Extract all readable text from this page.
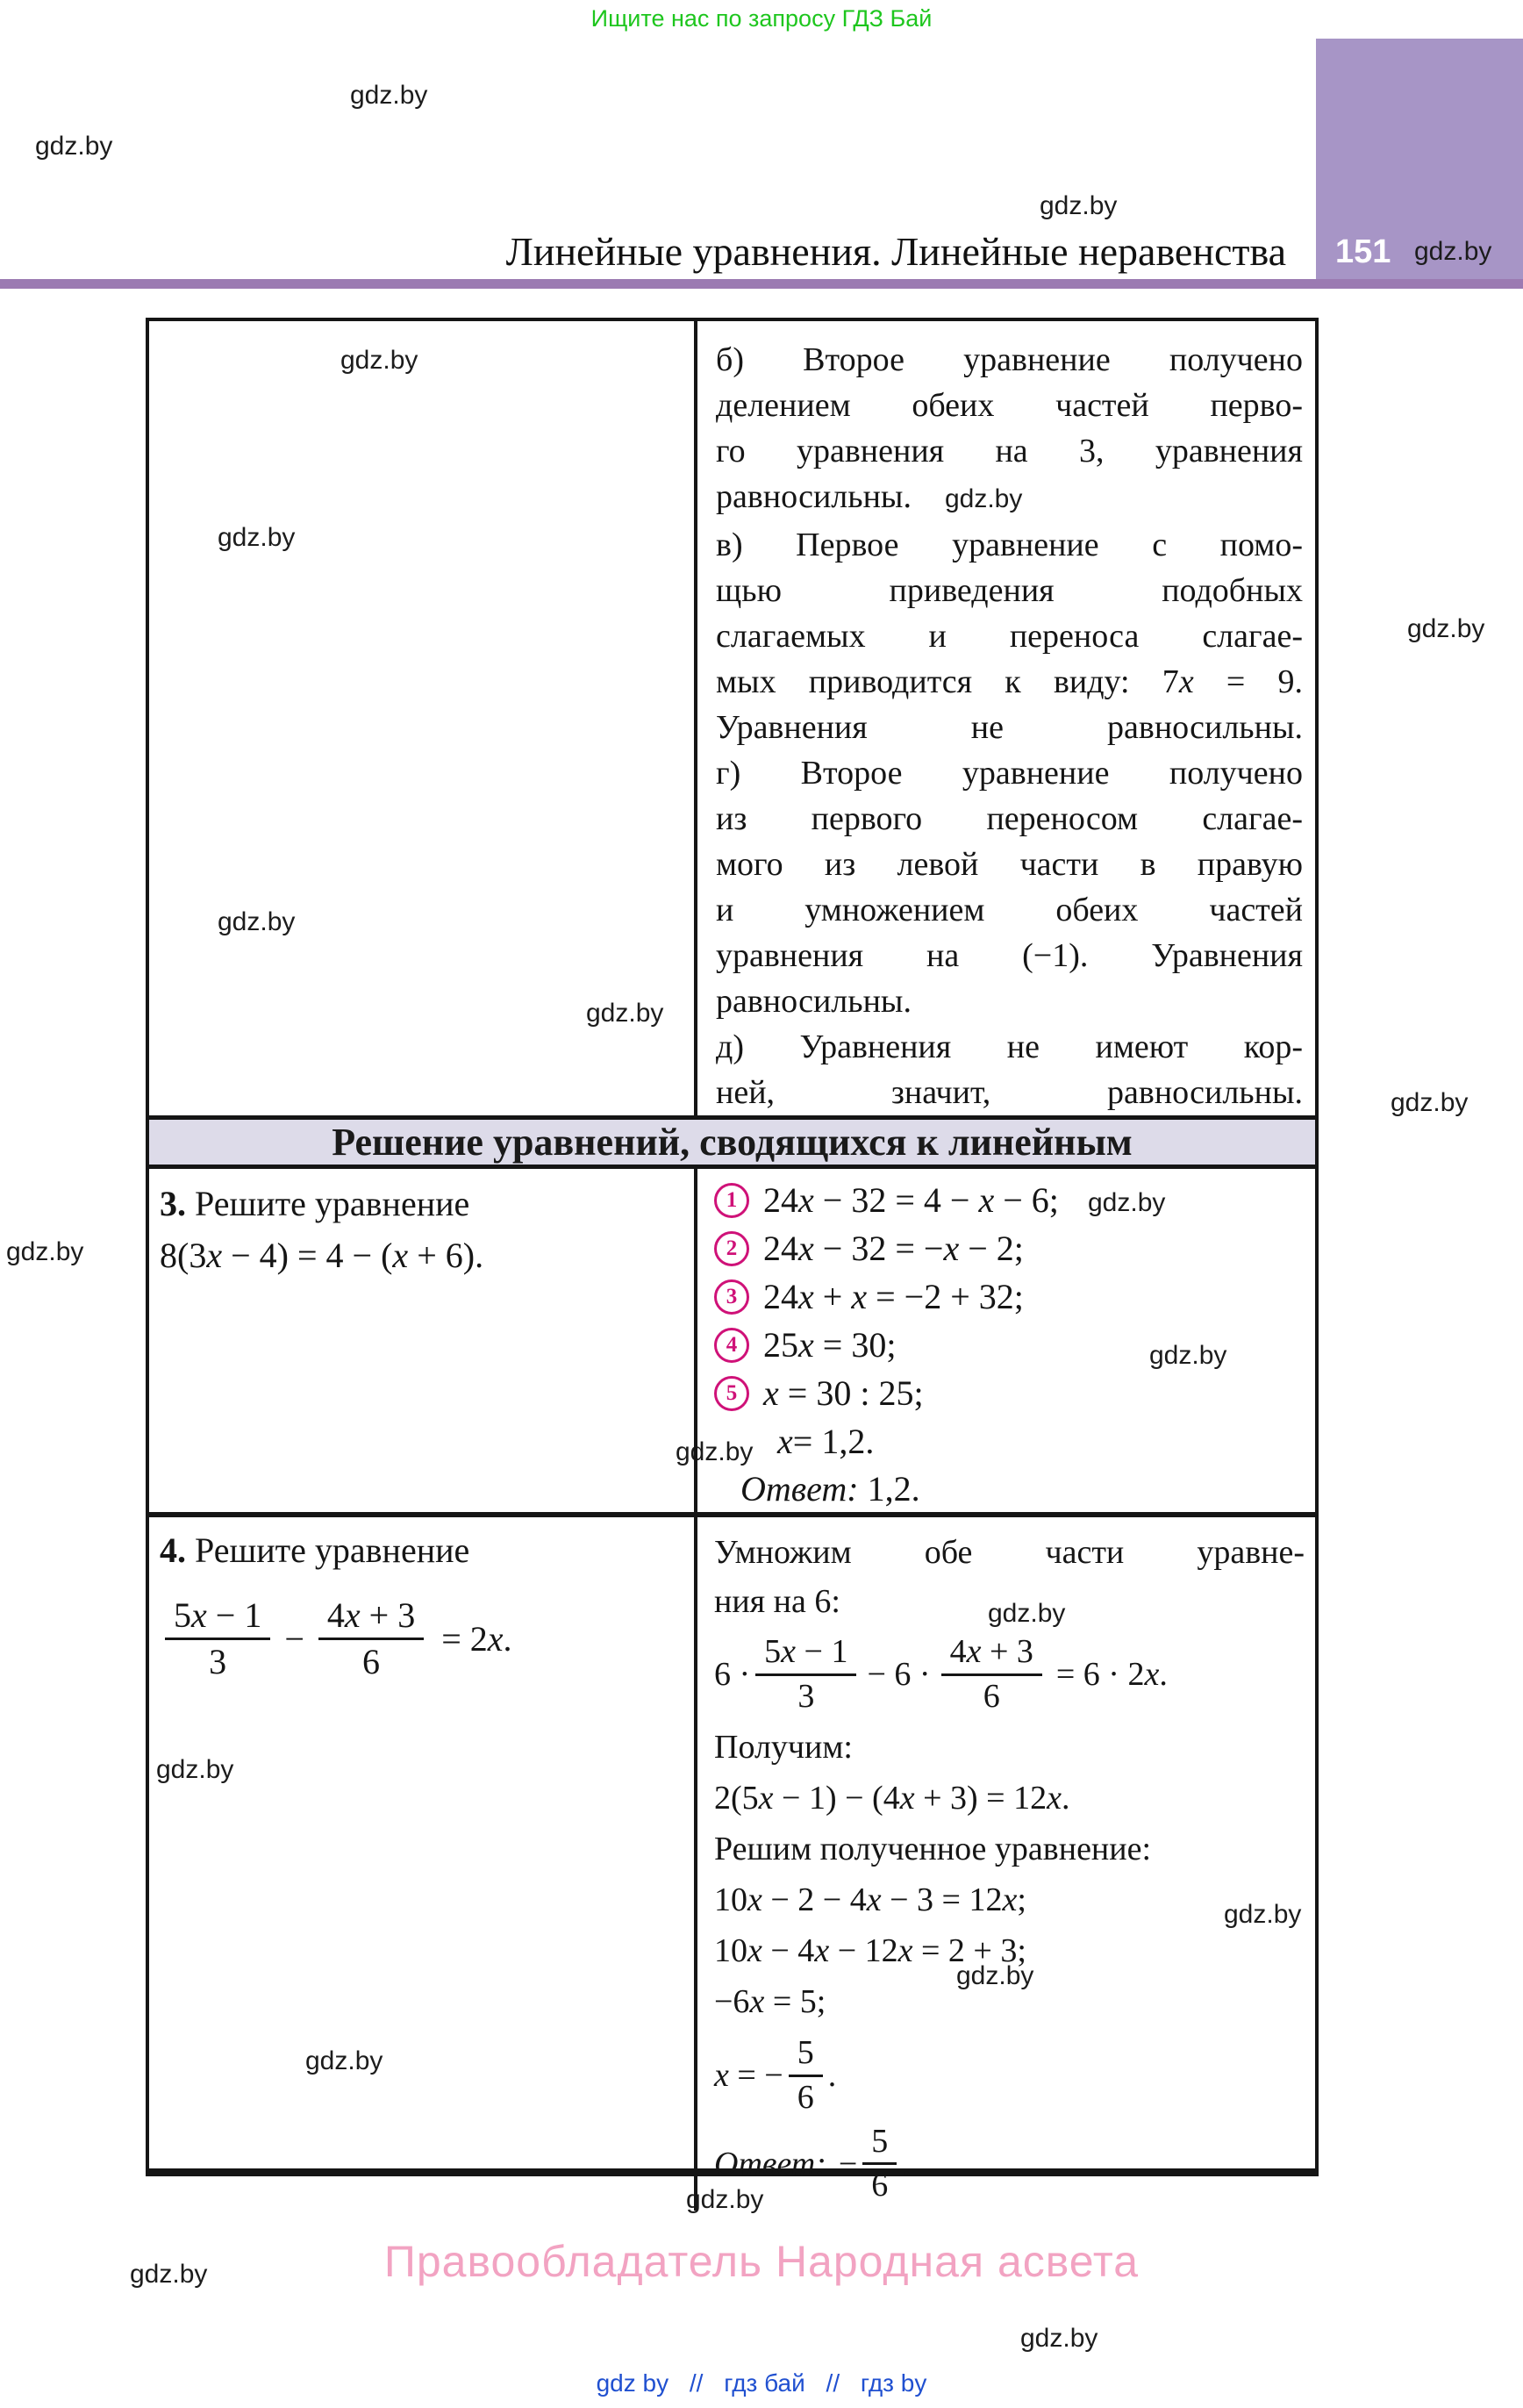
Ищите нас по запросу ГДЗ Бай
gdz.by
gdz.by
gdz.by
gdz.by
gdz.by
gdz.by
gdz.by
gdz.by
gdz.by
gdz.by
gdz.by
gdz.by
gdz.by
gdz.by
gdz.by
gdz.by
gdz.by
gdz.by
gdz.by
gdz.by
gdz.by
151 gdz.by
Линейные уравнения. Линейные неравенства
б) Второе уравнение получено
делением обеих частей перво-
го уравнения на 3, уравнения
равносильны. gdz.by
в) Первое уравнение с помо-
щью приведения подобных
слагаемых и переноса слагае-
мых приводится к виду: 7x = 9.
Уравнения не равносильны.
г) Второе уравнение получено
из первого переносом слагае-
мого из левой части в правую
и умножением обеих частей
уравнения на (−1). Уравнения
равносильны.
д) Уравнения не имеют кор-
ней, значит, равносильны.
Решение уравнений, сводящихся к линейным
3. Решите уравнение
8(3x − 4) = 4 − (x + 6).
1 24x − 32 = 4 − x − 6;
2 24x − 32 = −x − 2;
3 24x + x = −2 + 32;
4 25x = 30;
5 x = 30 : 25;
x = 1,2.
Ответ:
1,2.
4. Решите уравнение
$\frac{5x - 1}{3} - \frac{4x + 3}{6} = 2x$.
Умножим обе части уравне-
ния на 6:
$6 \cdot \frac{5x - 1}{3} - 6 \cdot \frac{4x + 3}{6} = 6 \cdot 2x$.
Получим:
2(5x − 1) − (4x + 3) = 12x.
Решим полученное уравнение:
10x − 2 − 4x − 3 = 12x;
10x − 4x − 12x = 2 + 3;
−6x = 5;
x = − $\frac{5}{6}$ .
Ответ: − $\frac{5}{6}$ .
Правообладатель Народная асвета
gdz by // гдз бай // гдз by
